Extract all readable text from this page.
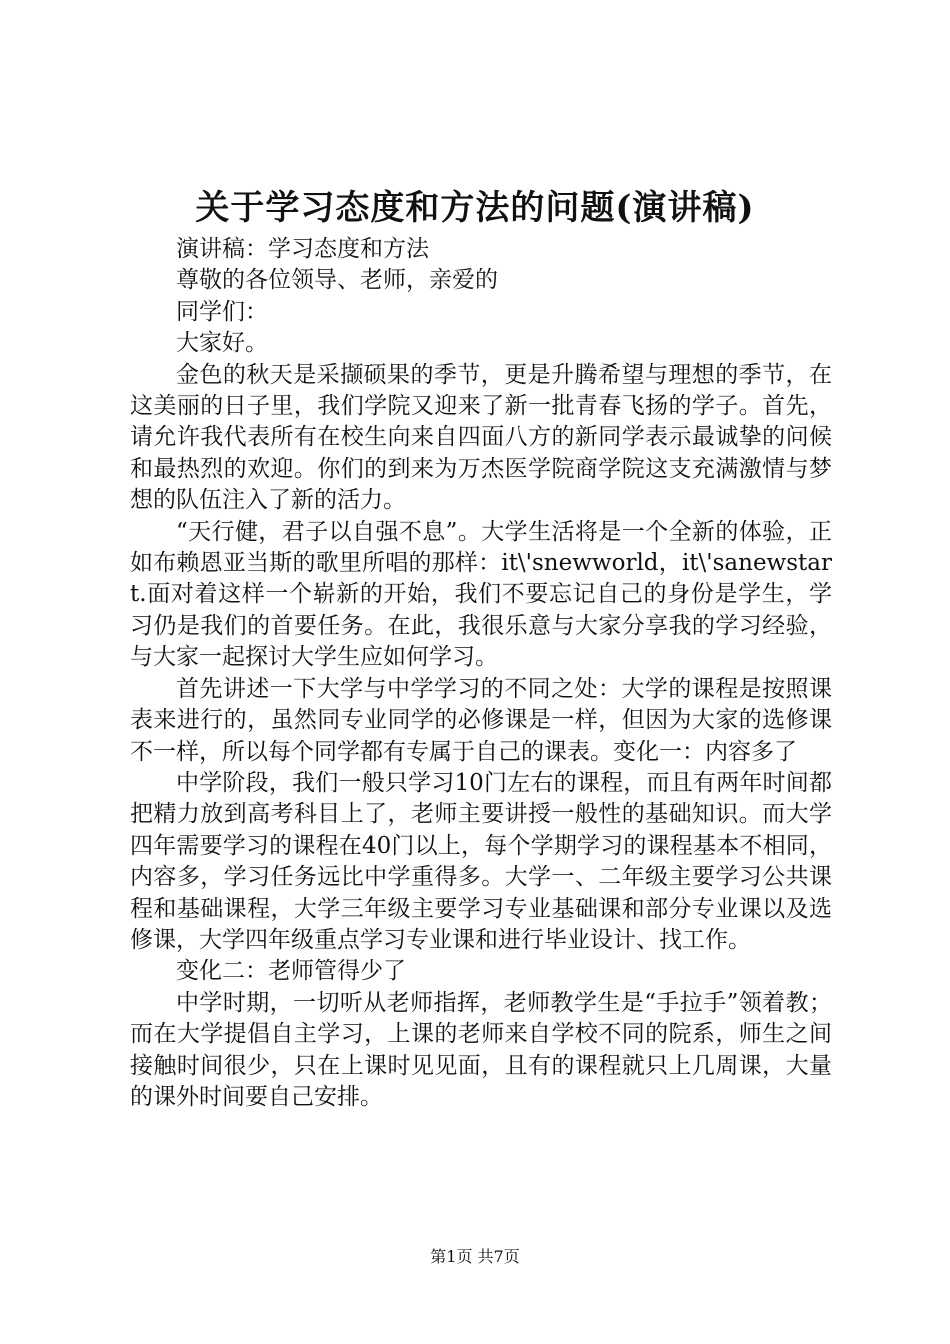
关于学习态度和方法的问题(演讲稿)

演讲稿：学习态度和方法

尊敬的各位领导、老师，亲爱的

同学们：

大家好。

金色的秋天是采撷硕果的季节，更是升腾希望与理想的季节，在这美丽的日子里，我们学院又迎来了新一批青春飞扬的学子。首先，请允许我代表所有在校生向来自四面八方的新同学表示最诚挚的问候和最热烈的欢迎。你们的到来为万杰医学院商学院这支充满激情与梦想的队伍注入了新的活力。

“天行健，君子以自强不息”。大学生活将是一个全新的体验，正如布赖恩亚当斯的歌里所唱的那样：it\'snewworld，it\'sanewstart.面对着这样一个崭新的开始，我们不要忘记自己的身份是学生，学习仍是我们的首要任务。在此，我很乐意与大家分享我的学习经验，与大家一起探讨大学生应如何学习。

首先讲述一下大学与中学学习的不同之处：大学的课程是按照课表来进行的，虽然同专业同学的必修课是一样，但因为大家的选修课不一样，所以每个同学都有专属于自己的课表。变化一：内容多了

中学阶段，我们一般只学习10门左右的课程，而且有两年时间都把精力放到高考科目上了，老师主要讲授一般性的基础知识。而大学四年需要学习的课程在40门以上，每个学期学习的课程基本不相同，内容多，学习任务远比中学重得多。大学一、二年级主要学习公共课程和基础课程，大学三年级主要学习专业基础课和部分专业课以及选修课，大学四年级重点学习专业课和进行毕业设计、找工作。

变化二：老师管得少了

中学时期，一切听从老师指挥，老师教学生是“手拉手”领着教；而在大学提倡自主学习，上课的老师来自学校不同的院系，师生之间接触时间很少，只在上课时见见面，且有的课程就只上几周课，大量的课外时间要自己安排。

第1页 共7页
